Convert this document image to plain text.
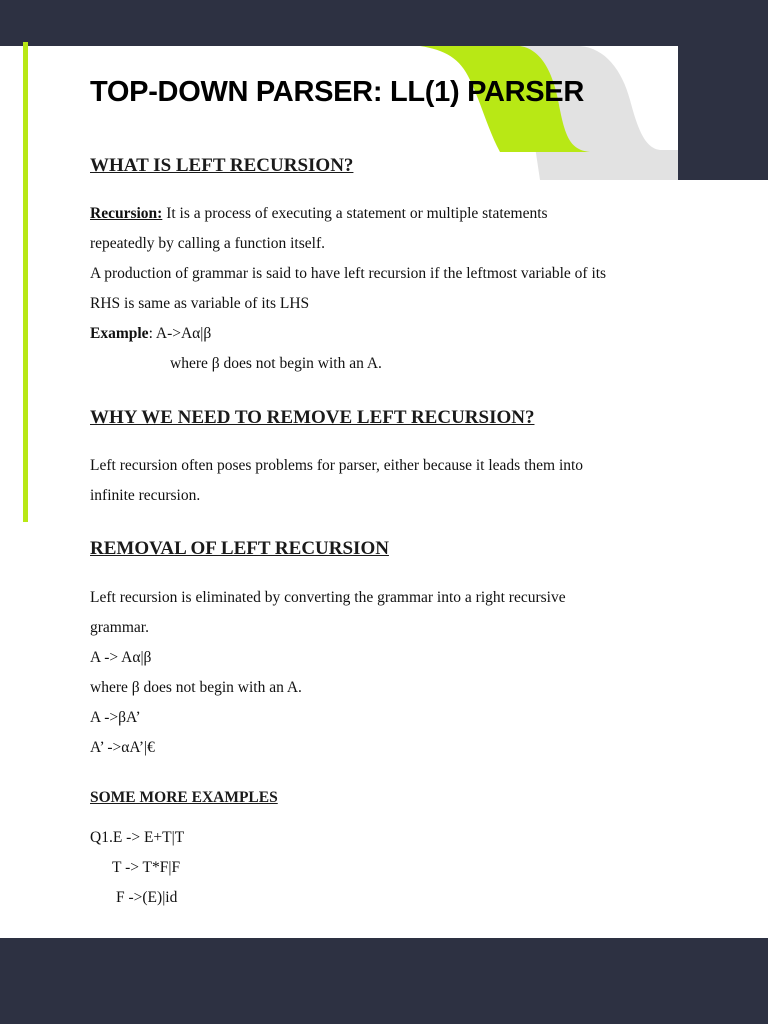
TOP-DOWN PARSER: LL(1) PARSER
WHAT IS LEFT RECURSION?

Recursion: It is a process of executing a statement or multiple statements

repeatedly by calling a function itself.

A production of grammar is said to have left recursion if the leftmost variable of its

RHS is same as variable of its LHS

Example: A->Aα|β

where β does not begin with an A.

WHY WE NEED TO REMOVE LEFT RECURSION?

Left recursion often poses problems for parser, either because it leads them into

infinite recursion.

REMOVAL OF LEFT RECURSION

Left recursion is eliminated by converting the grammar into a right recursive

grammar.

A -> Aα|β

where β does not begin with an A.

A ->βA’

A’ ->αA’|€

SOME MORE EXAMPLES

Q1.E -> E+T|T

T -> T*F|F

F ->(E)|id
